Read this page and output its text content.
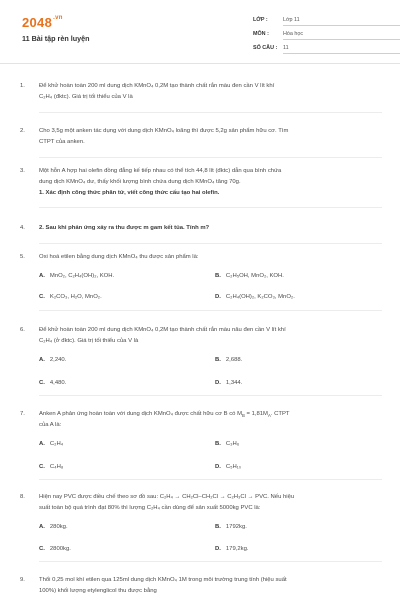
$2048^{.vn}$
11 Bài tập rèn luyện
LỚP :	Lớp 11
MÔN :	Hóa học
SỐ CÂU : 11
1. Để khử hoàn toàn 200 ml dung dịch KMnO₄ 0,2M tạo thành chất rắn màu đen cần V lít khí
C₂H₄ (đktc). Giá trị tối thiểu của V là
2. Cho 3,5g một anken tác dụng với dung dịch KMnO₄ loãng thì được 5,2g sản phẩm hữu cơ. Tìm
CTPT của anken.
3. Một hỗn A hợp hai olefin đồng đẳng kế tiếp nhau có thể tích 44,8 lít (đktc) dẫn qua bình chứa
dung dịch KMnO₄ dư, thấy khối lượng bình chứa dung dịch KMnO₄ tăng 70g.
1. Xác định công thức phân tử, viết công thức cấu tạo hai olefin.
4. 2. Sau khi phản ứng xảy ra thu được m gam kết tủa. Tính m?
5. Oxi hoá etilen bằng dung dịch KMnO₄ thu được sản phẩm là:
A. MnO₂, C₂H₄(OH)₂, KOH.	B. C₂H₅OH, MnO₂, KOH.
C. K₂CO₃, H₂O, MnO₂.	D. C₂H₄(OH)₂, K₂CO₃, MnO₂.
6. Để khử hoàn toàn 200 ml dung dịch KMnO₄ 0,2M tạo thành chất rắn màu nâu đen cần V lít khí
C₂H₄ (ở đktc). Giá trị tối thiểu của V là
A. 2,240.	B. 2,688.
C. 4,480.	D. 1,344.
7. Anken A phản ứng hoàn toàn với dung dịch KMnO₄ được chất hữu cơ B có $M_B = 1,81M_A$. CTPT
của A là:
A. C₂H₄	B. C₃H₆
C. C₄H₈	D. C₅H₁₀
8. Hiện nay PVC được điều chế theo sơ đồ sau: C₂H₄ → CH₂Cl–CH₂Cl → C₂H₃Cl → PVC. Nếu hiệu
suất toàn bộ quá trình đạt 80% thì lượng C₂H₄ cần dùng để sản xuất 5000kg PVC là:
A. 280kg.	B. 1792kg.
C. 2800kg.	D. 179,2kg.
9. Thổi 0,25 mol khí etilen qua 125ml dung dịch KMnO₄ 1M trong môi trường trung tính (hiệu suất
100%) khối lượng etylenglicol thu được bằng
